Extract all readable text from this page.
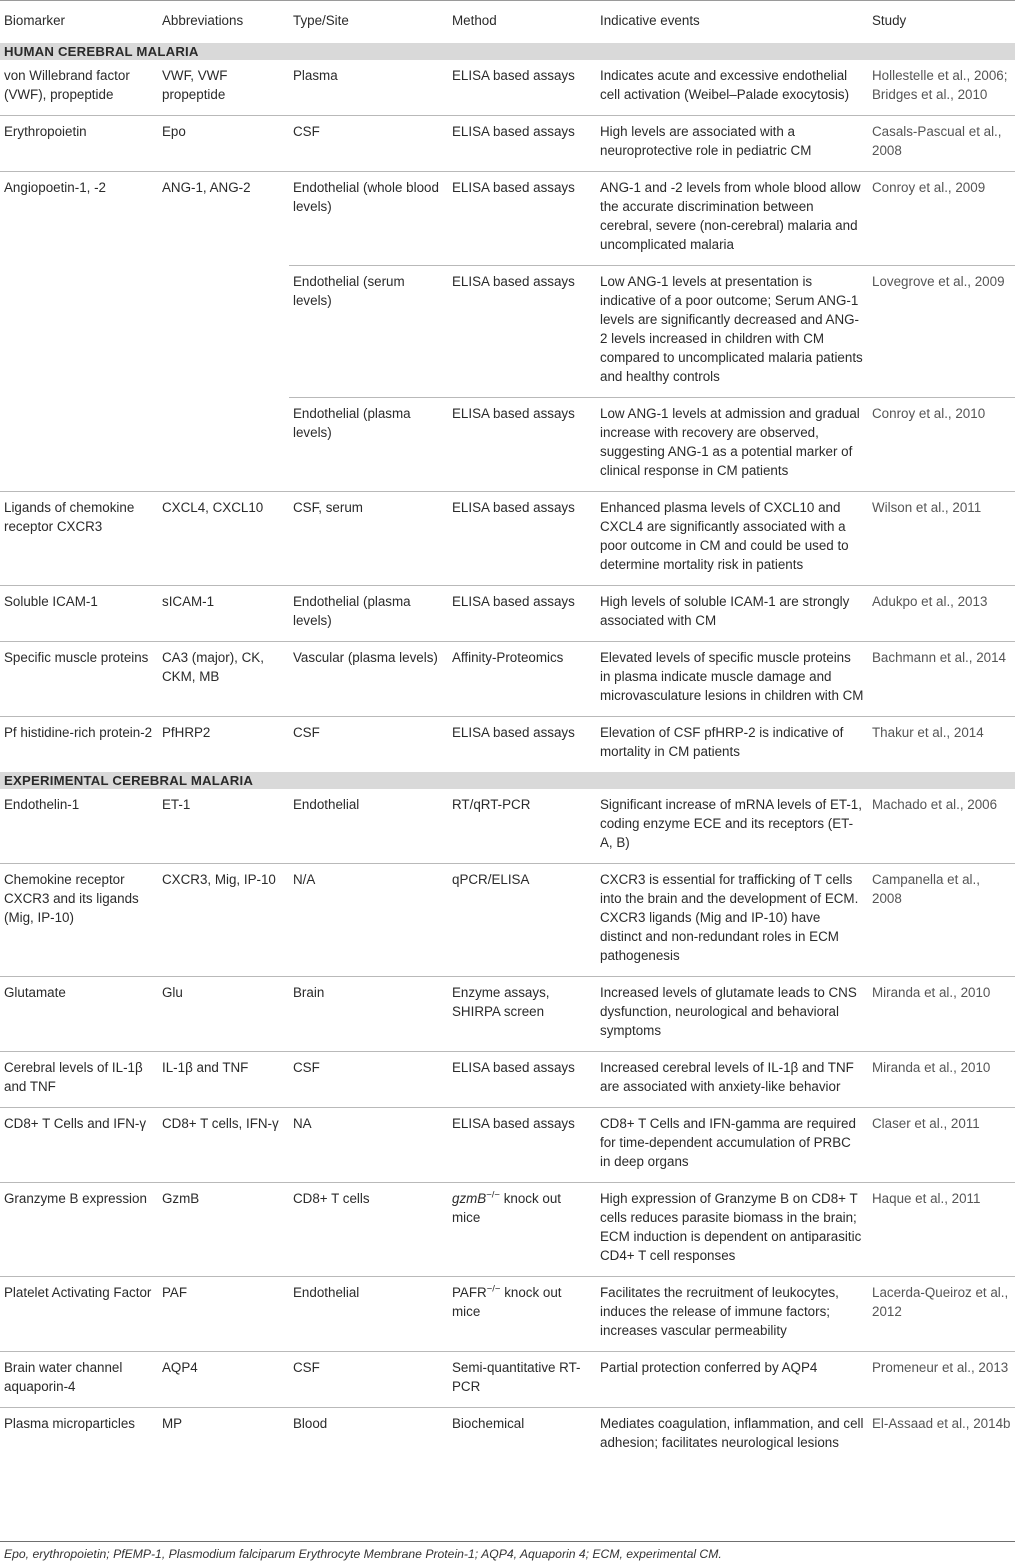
Biomarker	Abbreviations	Type/Site	Method	Indicative events	Study
HUMAN CEREBRAL MALARIA					
von Willebrand factor (VWF), propeptide	VWF, VWF propeptide	Plasma	ELISA based assays	Indicates acute and excessive endothelial cell activation (Weibel–Palade exocytosis)	Hollestelle et al., 2006; Bridges et al., 2010
Erythropoietin	Epo	CSF	ELISA based assays	High levels are associated with a neuroprotective role in pediatric CM	Casals-Pascual et al., 2008
Angiopoetin-1, -2	ANG-1, ANG-2	Endothelial (whole blood levels)	ELISA based assays	ANG-1 and -2 levels from whole blood allow the accurate discrimination between cerebral, severe (non-cerebral) malaria and uncomplicated malaria	Conroy et al., 2009
		Endothelial (serum levels)	ELISA based assays	Low ANG-1 levels at presentation is indicative of a poor outcome; Serum ANG-1 levels are significantly decreased and ANG-2 levels increased in children with CM compared to uncomplicated malaria patients and healthy controls	Lovegrove et al., 2009
		Endothelial (plasma levels)	ELISA based assays	Low ANG-1 levels at admission and gradual increase with recovery are observed, suggesting ANG-1 as a potential marker of clinical response in CM patients	Conroy et al., 2010
Ligands of chemokine receptor CXCR3	CXCL4, CXCL10	CSF, serum	ELISA based assays	Enhanced plasma levels of CXCL10 and CXCL4 are significantly associated with a poor outcome in CM and could be used to determine mortality risk in patients	Wilson et al., 2011
Soluble ICAM-1	sICAM-1	Endothelial (plasma levels)	ELISA based assays	High levels of soluble ICAM-1 are strongly associated with CM	Adukpo et al., 2013
Specific muscle proteins	CA3 (major), CK, CKM, MB	Vascular (plasma levels)	Affinity-Proteomics	Elevated levels of specific muscle proteins in plasma indicate muscle damage and microvasculature lesions in children with CM	Bachmann et al., 2014
Pf histidine-rich protein-2	PfHRP2	CSF	ELISA based assays	Elevation of CSF pfHRP-2 is indicative of mortality in CM patients	Thakur et al., 2014
EXPERIMENTAL CEREBRAL MALARIA					
Endothelin-1	ET-1	Endothelial	RT/qRT-PCR	Significant increase of mRNA levels of ET-1, coding enzyme ECE and its receptors (ET-A, B)	Machado et al., 2006
Chemokine receptor CXCR3 and its ligands (Mig, IP-10)	CXCR3, Mig, IP-10	N/A	qPCR/ELISA	CXCR3 is essential for trafficking of T cells into the brain and the development of ECM. CXCR3 ligands (Mig and IP-10) have distinct and non-redundant roles in ECM pathogenesis	Campanella et al., 2008
Glutamate	Glu	Brain	Enzyme assays, SHIRPA screen	Increased levels of glutamate leads to CNS dysfunction, neurological and behavioral symptoms	Miranda et al., 2010
Cerebral levels of IL-1β and TNF	IL-1β and TNF	CSF	ELISA based assays	Increased cerebral levels of IL-1β and TNF are associated with anxiety-like behavior	Miranda et al., 2010
CD8+ T Cells and IFN-γ	CD8+ T cells, IFN-γ	NA	ELISA based assays	CD8+ T Cells and IFN-gamma are required for time-dependent accumulation of PRBC in deep organs	Claser et al., 2011
Granzyme B expression	GzmB	CD8+ T cells	gzmB−/− knock out mice	High expression of Granzyme B on CD8+ T cells reduces parasite biomass in the brain; ECM induction is dependent on antiparasitic CD4+ T cell responses	Haque et al., 2011
Platelet Activating Factor	PAF	Endothelial	PAFR−/− knock out mice	Facilitates the recruitment of leukocytes, induces the release of immune factors; increases vascular permeability	Lacerda-Queiroz et al., 2012
Brain water channel aquaporin-4	AQP4	CSF	Semi-quantitative RT-PCR	Partial protection conferred by AQP4	Promeneur et al., 2013
Plasma microparticles	MP	Blood	Biochemical	Mediates coagulation, inflammation, and cell adhesion; facilitates neurological lesions	El-Assaad et al., 2014b
Epo, erythropoietin; PfEMP-1, Plasmodium falciparum Erythrocyte Membrane Protein-1; AQP4, Aquaporin 4; ECM, experimental CM.
